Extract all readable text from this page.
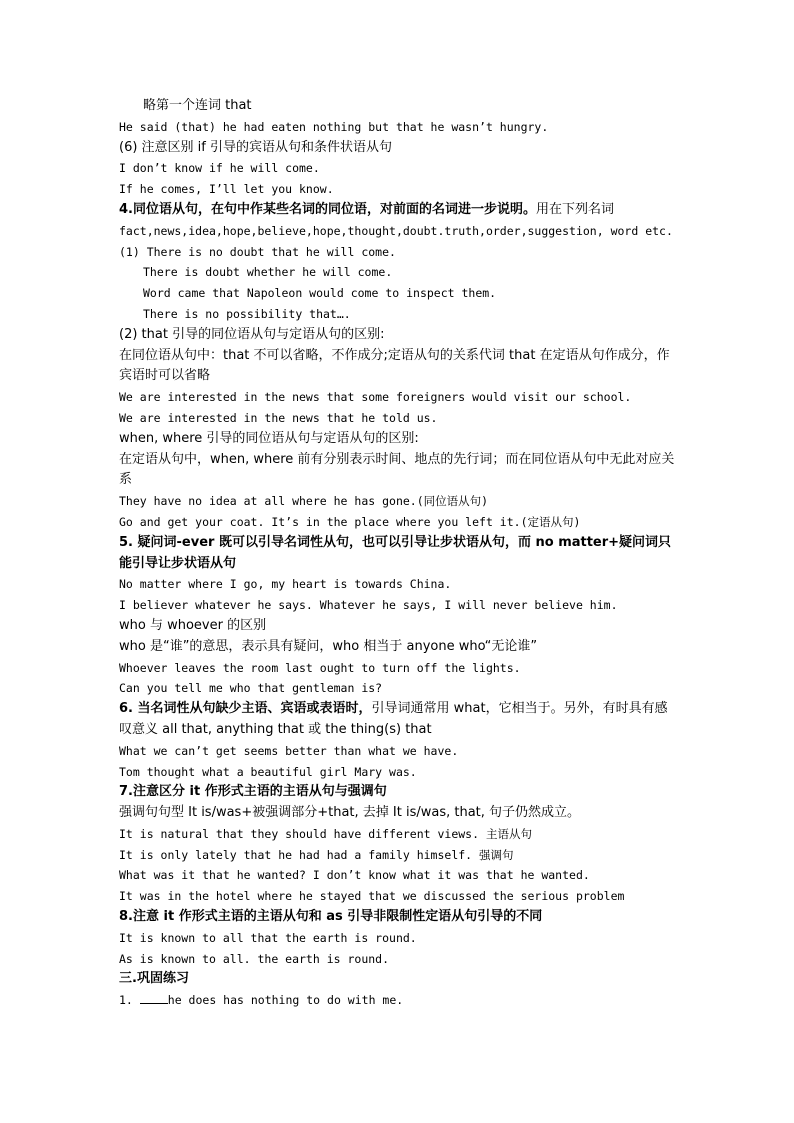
略第一个连词 that
He said (that) he had eaten nothing but that he wasn’t hungry.
(6) 注意区别 if 引导的宾语从句和条件状语从句
I don’t know if he will come.
If he comes, I’ll let you know.
4.同位语从句，在句中作某些名词的同位语，对前面的名词进一步说明。用在下列名词
fact,news,idea,hope,believe,hope,thought,doubt.truth,order,suggestion, word etc.
(1) There is no doubt that he will come.
There is doubt whether he will come.
Word came that Napoleon would come to inspect them.
There is no possibility that….
(2) that 引导的同位语从句与定语从句的区别:
在同位语从句中：that 不可以省略，不作成分;定语从句的关系代词 that 在定语从句作成分，作宾语时可以省略
We are interested in the news that some foreigners would visit our school.
We are interested in the news that he told us.
when, where 引导的同位语从句与定语从句的区别:
在定语从句中，when, where 前有分别表示时间、地点的先行词；而在同位语从句中无此对应关系
They have no idea at all where he has gone.(同位语从句)
Go and get your coat. It’s in the place where you left it.(定语从句)
5. 疑问词-ever 既可以引导名词性从句，也可以引导让步状语从句，而 no matter+疑问词只能引导让步状语从句
No matter where I go, my heart is towards China.
I believer whatever he says. Whatever he says, I will never believe him.
who 与 whoever 的区别
who 是“谁”的意思，表示具有疑问，who 相当于 anyone who“无论谁”
Whoever leaves the room last ought to turn off the lights.
Can you tell me who that gentleman is?
6. 当名词性从句缺少主语、宾语或表语时，引导词通常用 what，它相当于。另外，有时具有感叹意义 all that, anything that 或 the thing(s) that
What we can’t get seems better than what we have.
Tom thought what a beautiful girl Mary was.
7.注意区分 it 作形式主语的主语从句与强调句
强调句句型 It is/was+被强调部分+that, 去掉 It is/was, that, 句子仍然成立。
It is natural that they should have different views. 主语从句
It is only lately that he had had a family himself. 强调句
What was it that he wanted? I don’t know what it was that he wanted.
It was in the hotel where he stayed that we discussed the serious problem
8.注意 it 作形式主语的主语从句和 as 引导非限制性定语从句引导的不同
It is known to all that the earth is round.
As is known to all. the earth is round.
三.巩固练习
1. he does has nothing to do with me.
